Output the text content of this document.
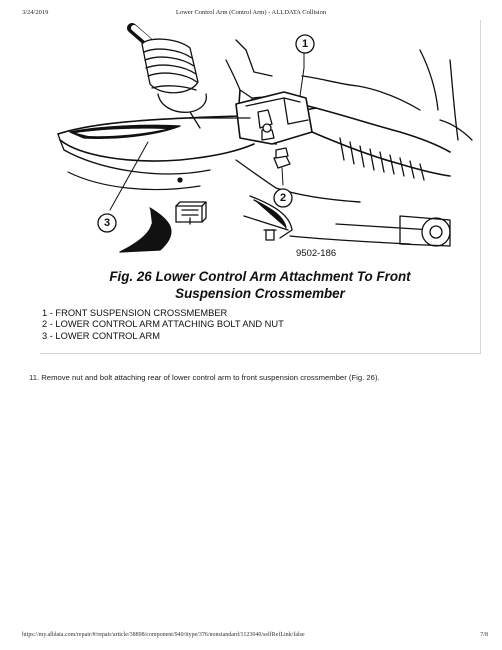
3/24/2019	Lower Control Arm (Control Arm) - ALLDATA Collision
1
2
3
9502-186
Fig. 26 Lower Control Arm Attachment To Front
Suspension Crossmember
1 - FRONT SUSPENSION CROSSMEMBER
2 - LOWER CONTROL ARM ATTACHING BOLT AND NUT
3 - LOWER CONTROL ARM
11. Remove nut and bolt attaching rear of lower control arm to front suspension crossmember (Fig. 26).
https://my.alldata.com/repair/#/repair/article/38898/component/940/itype/376/nonstandard/1123040/selfRefLink/false	7/8
